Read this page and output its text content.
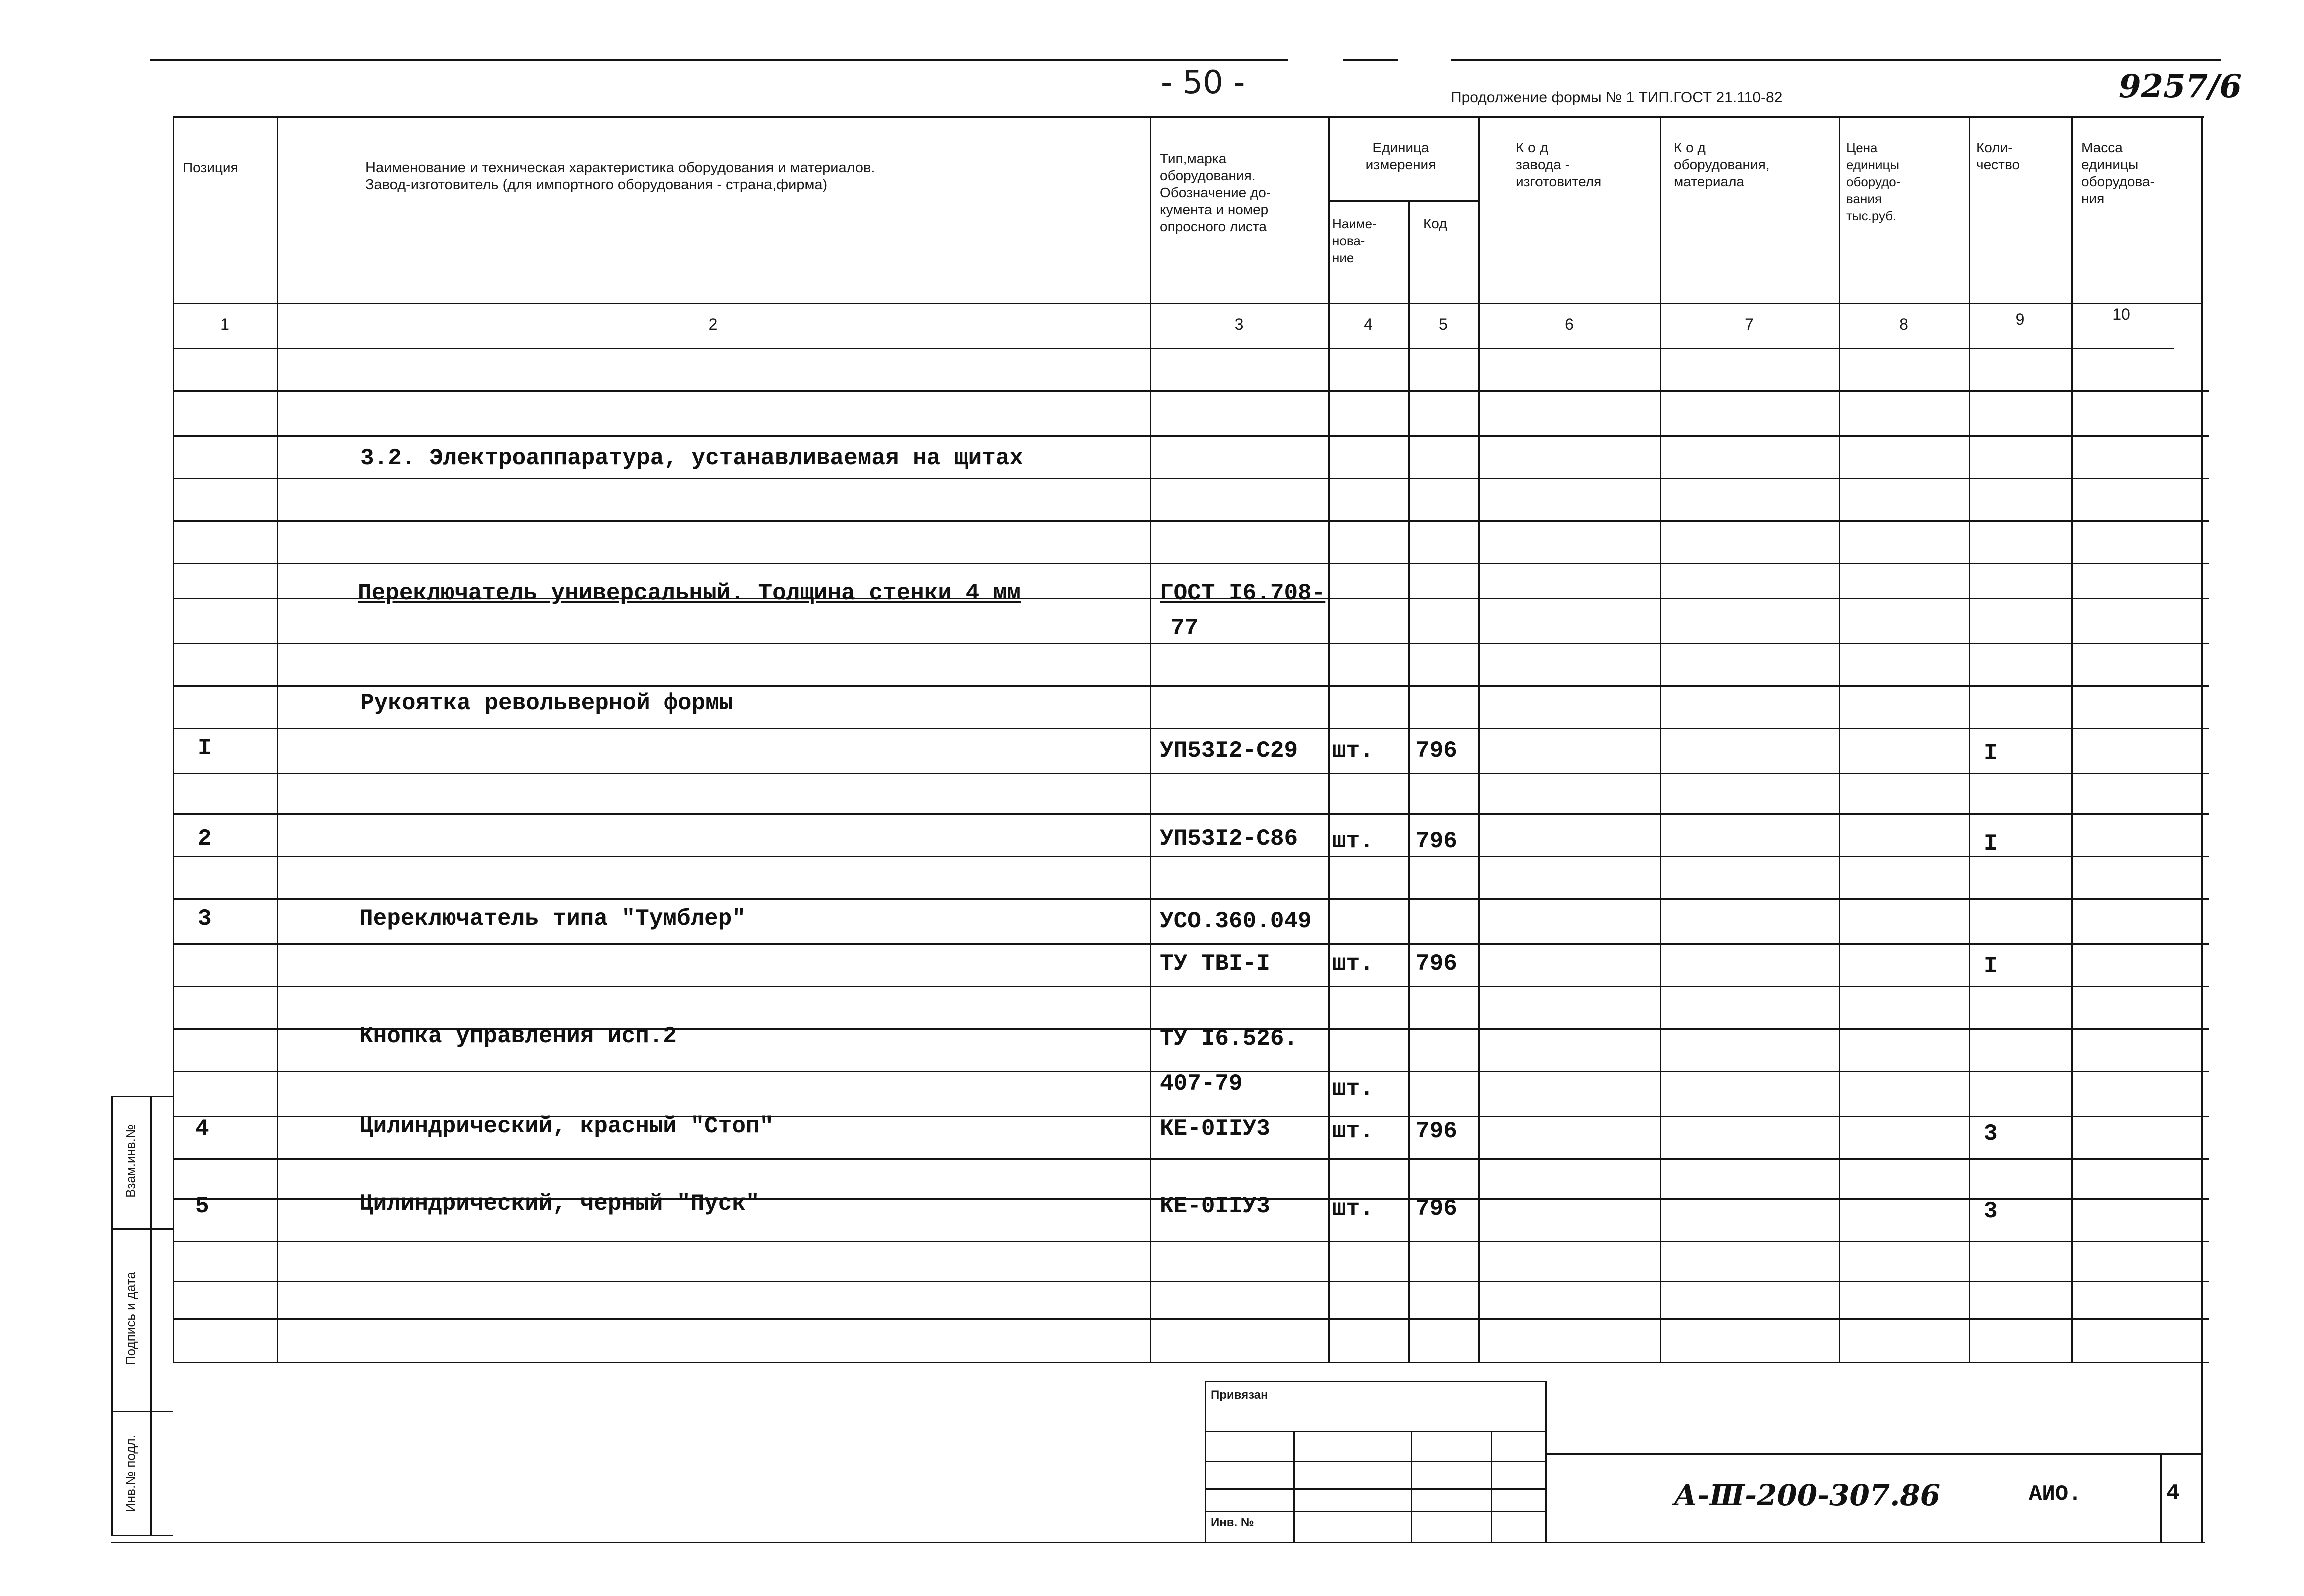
- 50 -	Продолжение формы № 1 ТИП.ГОСТ 21.110-82	9257/6
Позиция	Наименование и техническая характеристика оборудования и материалов.
Завод-изготовитель (для импортного оборудования - страна,фирма)
Тип,марка
оборудования.
Обозначение до-
кумента и номер
опросного листа
Единица
измерения
Наиме-
нова-
ние
Код
К о д
завода -
изготовителя
К о д
оборудования,
материала
Цена
единицы
оборудо-
вания
тыс.руб.
Коли-
чество
Масса
единицы
оборудова-
ния
1	2	3	4	5	6	7	8	9	10
3.2. Электроаппаратура, устанавливаемая на щитах
Переключатель универсальный. Толщина стенки 4 мм	ГОСТ I6.708-
77
Рукоятка револьверной формы
I	УП53I2-С29 шт. 796	I
2	УП53I2-С86 шт. 796	I
3	Переключатель типа "Тумблер"	УСО.360.049
ТУ ТВI-I	шт. 796	I
Кнопка управления исп.2	ТУ I6.526.
407-79	шт.
4	Цилиндрический, красный "Стоп"	КЕ-0IIУ3	шт. 796	3
5	Цилиндрический, черный "Пуск"	КЕ-0IIУ3	шт. 796	3
Взам.инв.№
Подпись и дата
Инв.№ подл.
Привязан
Инв. №
А-Ⅲ-200-307.86	АИО.	4
